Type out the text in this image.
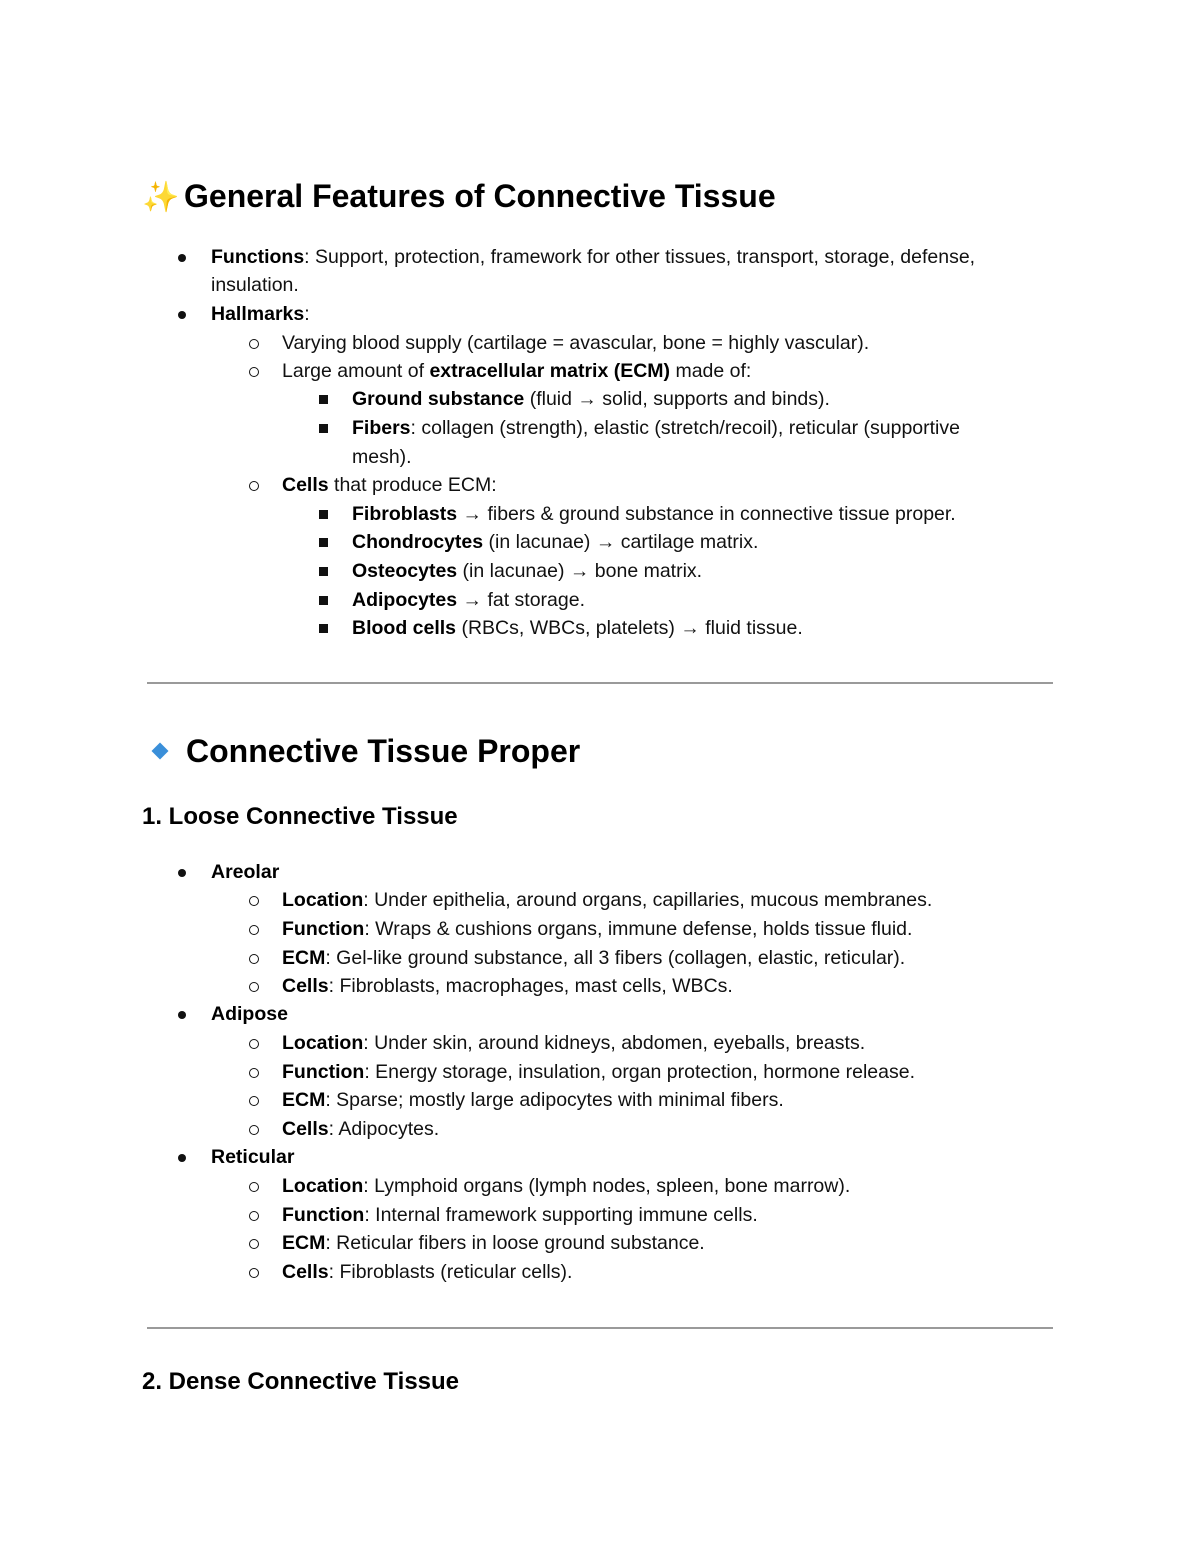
✨ General Features of Connective Tissue
Functions: Support, protection, framework for other tissues, transport, storage, defense,
insulation.
Hallmarks:
Varying blood supply (cartilage = avascular, bone = highly vascular).
Large amount of extracellular matrix (ECM) made of:
Ground substance (fluid → solid, supports and binds).
Fibers: collagen (strength), elastic (stretch/recoil), reticular (supportive
mesh).
Cells that produce ECM:
Fibroblasts → fibers & ground substance in connective tissue proper.
Chondrocytes (in lacunae) → cartilage matrix.
Osteocytes (in lacunae) → bone matrix.
Adipocytes → fat storage.
Blood cells (RBCs, WBCs, platelets) → fluid tissue.
Connective Tissue Proper
1. Loose Connective Tissue
Areolar
Location: Under epithelia, around organs, capillaries, mucous membranes.
Function: Wraps & cushions organs, immune defense, holds tissue fluid.
ECM: Gel-like ground substance, all 3 fibers (collagen, elastic, reticular).
Cells: Fibroblasts, macrophages, mast cells, WBCs.
Adipose
Location: Under skin, around kidneys, abdomen, eyeballs, breasts.
Function: Energy storage, insulation, organ protection, hormone release.
ECM: Sparse; mostly large adipocytes with minimal fibers.
Cells: Adipocytes.
Reticular
Location: Lymphoid organs (lymph nodes, spleen, bone marrow).
Function: Internal framework supporting immune cells.
ECM: Reticular fibers in loose ground substance.
Cells: Fibroblasts (reticular cells).
2. Dense Connective Tissue
